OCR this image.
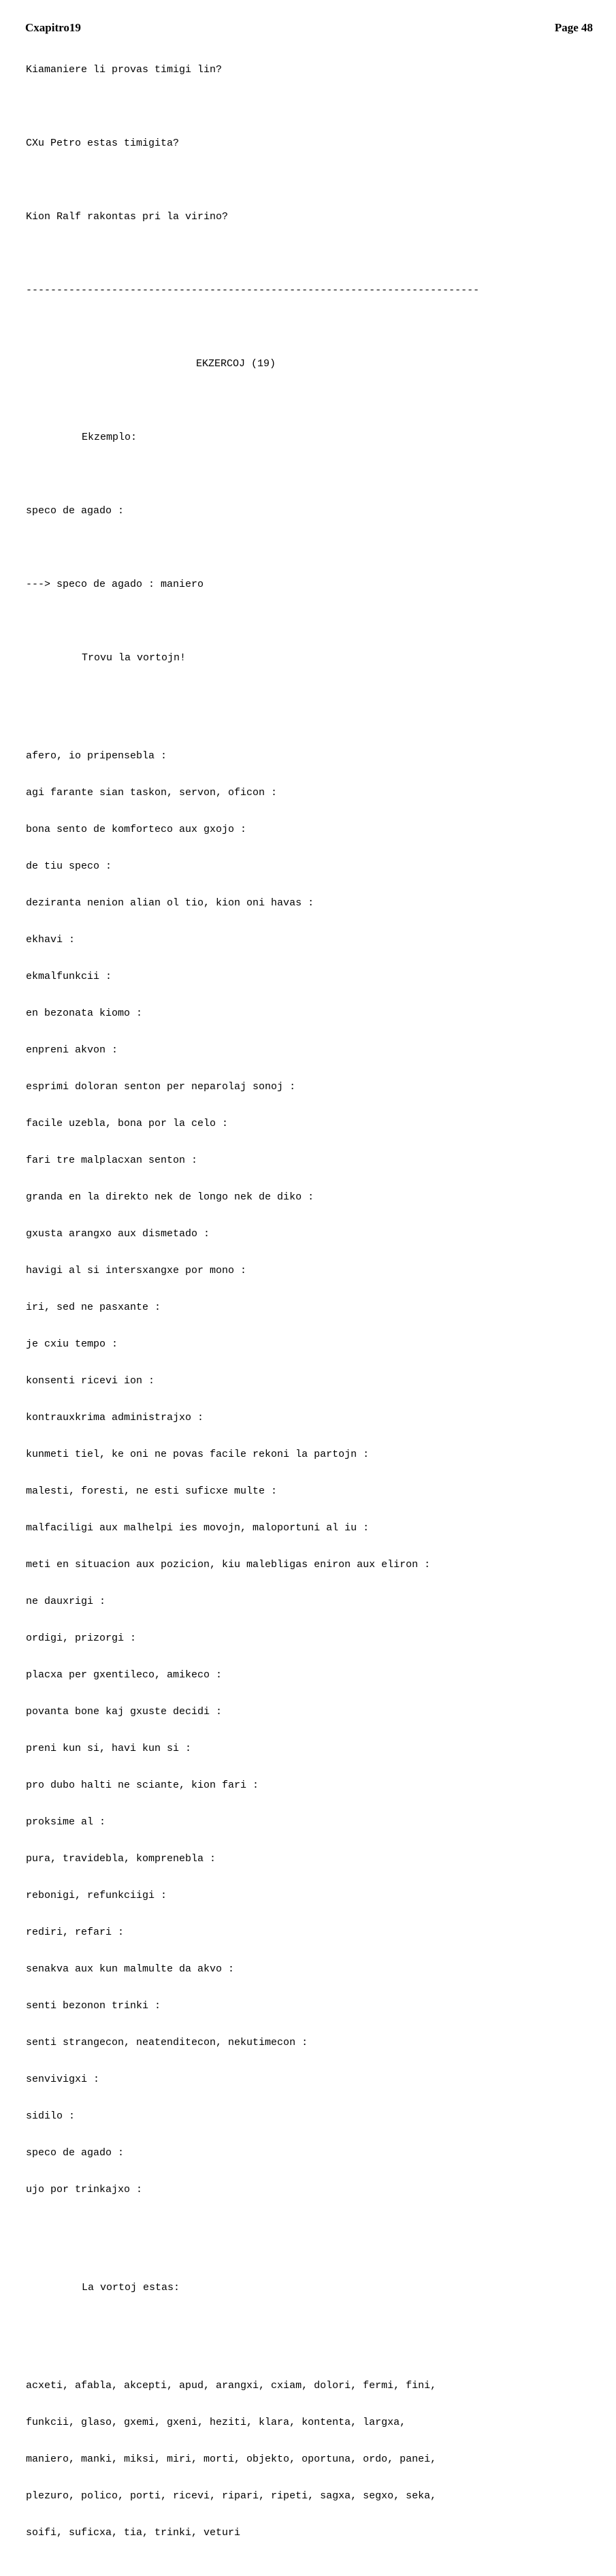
Cxapitro19	Page 48

Kiamaniere li provas timigi lin?

CXu Petro estas timigita?

Kion Ralf rakontas pri la virino?

--------------------------------------------------------------------------

EKZERCOJ (19)

Ekzemplo:

speco de agado :

---> speco de agado : maniero

Trovu la vortojn!

afero, io pripensebla :

agi farante sian taskon, servon, oficon :

bona sento de komforteco aux gxojo :

de tiu speco :

deziranta nenion alian ol tio, kion oni havas :

ekhavi :

ekmalfunkcii :

en bezonata kiomo :

enpreni akvon :

esprimi doloran senton per neparolaj sonoj :

facile uzebla, bona por la celo :

fari tre malplacxan senton :

granda en la direkto nek de longo nek de diko :

gxusta arangxo aux dismetado :

havigi al si intersxangxe por mono :

iri, sed ne pasxante :

je cxiu tempo :

konsenti ricevi ion :

kontrauxkrima administrajxo :

kunmeti tiel, ke oni ne povas facile rekoni la partojn :

malesti, foresti, ne esti suficxe multe :

malfaciligi aux malhelpi ies movojn, maloportuni al iu :

meti en situacion aux pozicion, kiu malebligas eniron aux eliron :

ne dauxrigi :

ordigi, prizorgi :

placxa per gxentileco, amikeco :

povanta bone kaj gxuste decidi :

preni kun si, havi kun si :

pro dubo halti ne sciante, kion fari :

proksime al :

pura, travidebla, komprenebla :

rebonigi, refunkciigi :

rediri, refari :

senakva aux kun malmulte da akvo :

senti bezonon trinki :

senti strangecon, neatenditecon, nekutimecon :

senvivigxi :

sidilo :

speco de agado :

ujo por trinkajxo :

La vortoj estas:

acxeti, afabla, akcepti, apud, arangxi, cxiam, dolori, fermi, fini,

funkcii, glaso, gxemi, gxeni, heziti, klara, kontenta, largxa,

maniero, manki, miksi, miri, morti, objekto, oportuna, ordo, panei,

plezuro, polico, porti, ricevi, ripari, ripeti, sagxa, segxo, seka,

soifi, suficxa, tia, trinki, veturi
